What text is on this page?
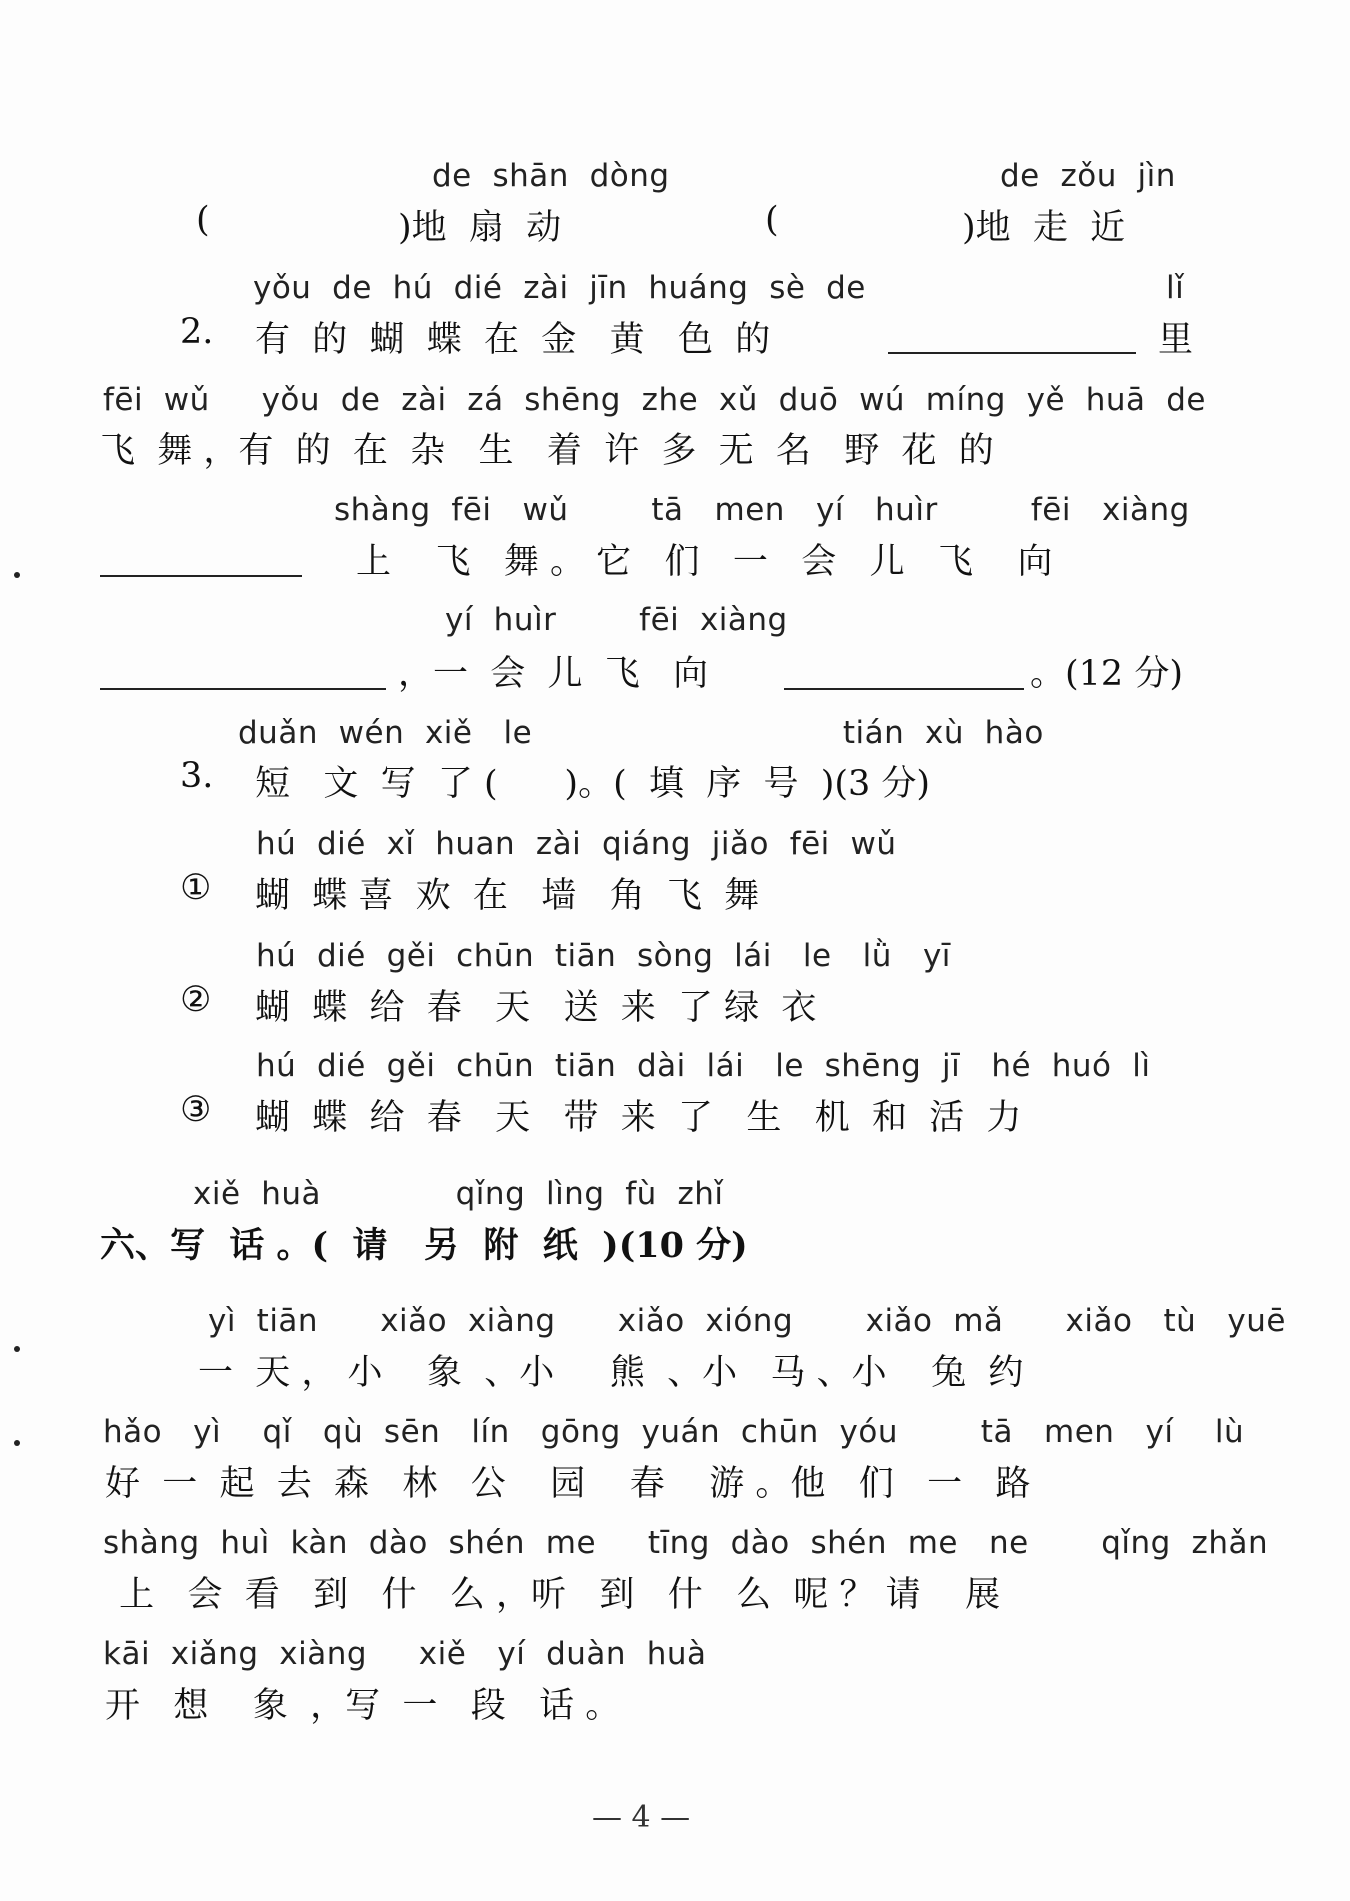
de  shān  dòng	de  zǒu  jìn
(	)地  扇  动	(	)地  走  近
yǒu  de  hú  dié  zài  jīn  huáng  sè  de	lǐ
2. 有  的  蝴  蝶  在  金   黄   色  的	里
fēi  wǔ     yǒu  de  zài  zá  shēng  zhe  xǔ  duō  wú  míng  yě  huā  de
飞  舞 ，有  的  在  杂   生   着  许  多  无  名   野  花  的
shàng  fēi   wǔ        tā   men   yí   huìr         fēi   xiàng
上    飞   舞 。 它   们   一   会   儿   飞    向
yí  huìr        fēi  xiàng
，一  会  儿  飞   向	。(12 分)
duǎn  wén  xiě   le                              tián  xù  hào
3. 短   文  写  了 (      )。(  填  序  号  )(3 分)
hú  dié  xǐ  huan  zài  qiáng  jiǎo  fēi  wǔ
① 蝴  蝶 喜  欢  在   墙   角  飞  舞
hú  dié  gěi  chūn  tiān  sòng  lái   le   lǜ   yī
② 蝴  蝶  给  春   天   送  来  了 绿  衣
hú  dié  gěi  chūn  tiān  dài  lái   le  shēng  jī   hé  huó  lì
③ 蝴  蝶  给  春   天   带  来  了   生   机  和  活  力
xiě  huà             qǐng  lìng  fù  zhǐ
六、写  话 。(  请   另  附  纸  )(10 分)
yì  tiān      xiǎo  xiàng      xiǎo  xióng       xiǎo  mǎ      xiǎo   tù   yuē
一  天 ， 小    象  、小     熊  、小   马 、小    兔  约
hǎo   yì    qǐ   qù  sēn   lín   gōng  yuán  chūn  yóu        tā   men   yí    lù
好  一  起  去  森   林   公    园    春    游 。他   们   一   路
shàng  huì  kàn  dào  shén  me     tīng  dào  shén  me   ne       qǐng  zhǎn
上   会  看   到   什   么 ，听   到   什   么  呢 ？ 请    展
kāi  xiǎng  xiàng     xiě   yí  duàn  huà
开   想    象  ，写  一   段   话 。
— 4 —
